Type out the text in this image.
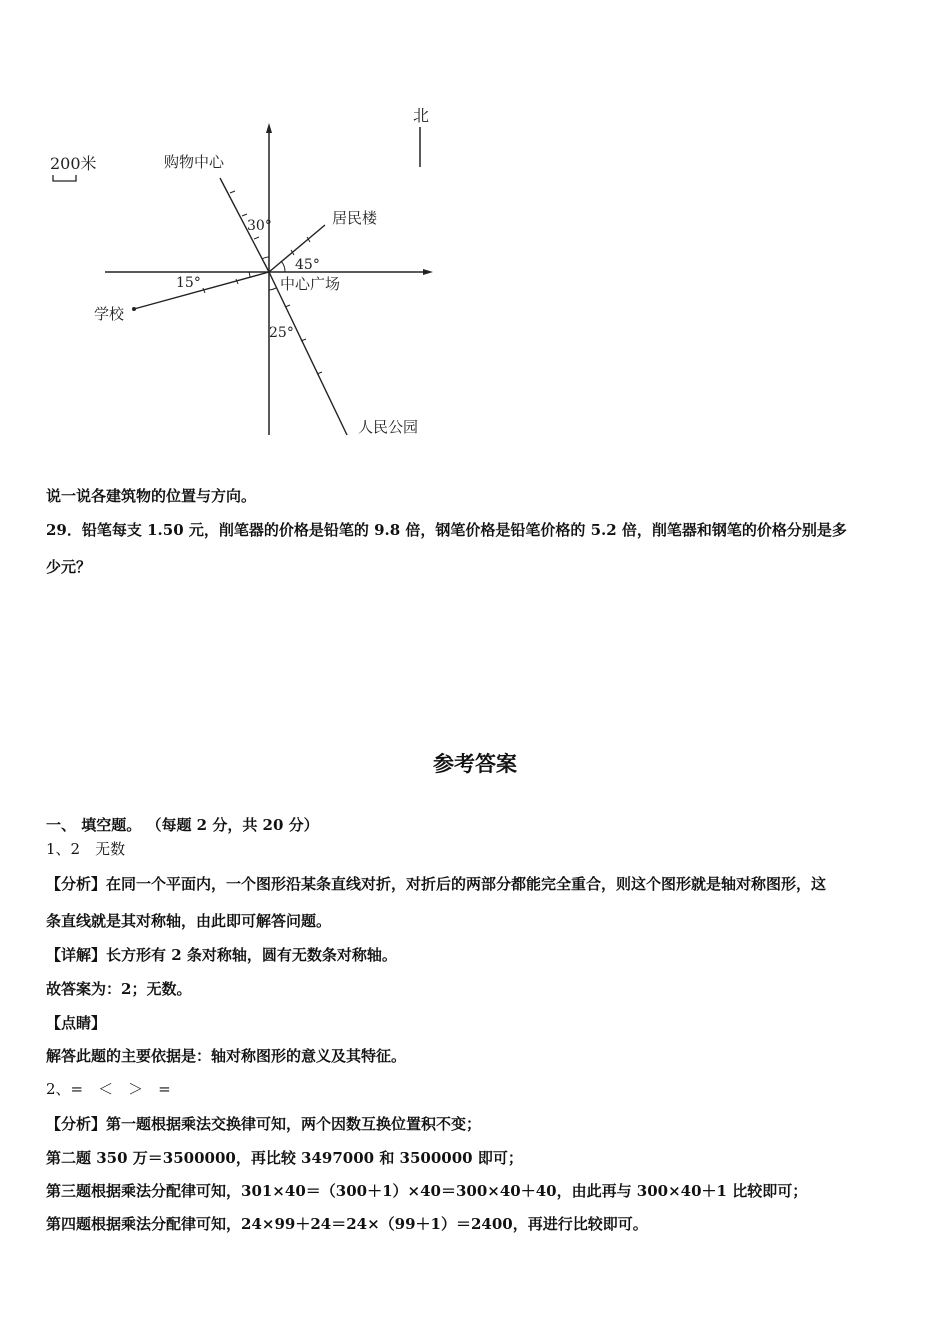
北
200米	购物中心
30°	居民楼
45°
中心广场
学校
15°
人民公园
25°
说一说各建筑物的位置与方向。
29．铅笔每支 1.50 元，削笔器的价格是铅笔的 9.8 倍，钢笔价格是铅笔价格的 5.2 倍，削笔器和钢笔的价格分别是多
少元？
参考答案
一、 填空题。 （每题 2 分，共 20 分）
1、2　无数
【分析】在同一个平面内，一个图形沿某条直线对折，对折后的两部分都能完全重合，则这个图形就是轴对称图形，这
条直线就是其对称轴，由此即可解答问题。
【详解】长方形有 2 条对称轴，圆有无数条对称轴。
故答案为：2；无数。
【点睛】
解答此题的主要依据是：轴对称图形的意义及其特征。
2、=　＜　＞　=
【分析】第一题根据乘法交换律可知，两个因数互换位置积不变；
第二题 350 万＝3500000，再比较 3497000 和 3500000 即可；
第三题根据乘法分配律可知，301×40＝（300＋1）×40＝300×40＋40，由此再与 300×40＋1 比较即可；
第四题根据乘法分配律可知，24×99＋24＝24×（99＋1）＝2400，再进行比较即可。
